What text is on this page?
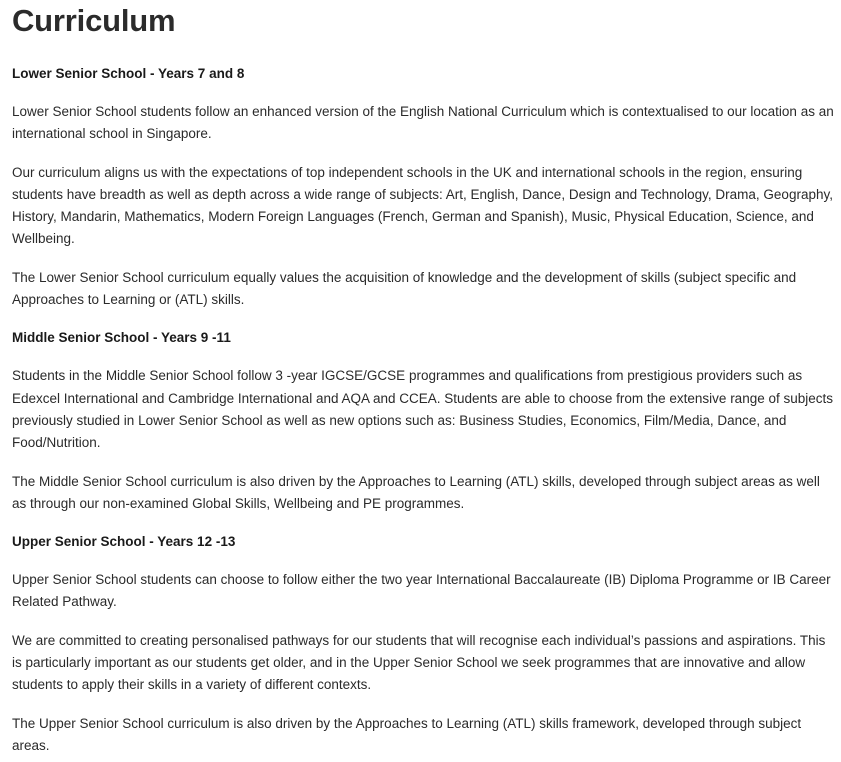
Curriculum
Lower Senior School - Years 7 and 8

Lower Senior School students follow an enhanced version of the English National Curriculum which is contextualised to our location as an international school in Singapore.

Our curriculum aligns us with the expectations of top independent schools in the UK and international schools in the region, ensuring students have breadth as well as depth across a wide range of subjects: Art, English, Dance, Design and Technology, Drama, Geography, History, Mandarin, Mathematics, Modern Foreign Languages (French, German and Spanish), Music, Physical Education, Science, and Wellbeing.

The Lower Senior School curriculum equally values the acquisition of knowledge and the development of skills (subject specific and Approaches to Learning or (ATL) skills.

Middle Senior School - Years 9 -11

Students in the Middle Senior School follow 3 -year IGCSE/GCSE programmes and qualifications from prestigious providers such as Edexcel International and Cambridge International and AQA and CCEA. Students are able to choose from the extensive range of subjects previously studied in Lower Senior School as well as new options such as: Business Studies, Economics, Film/Media, Dance, and Food/Nutrition.

The Middle Senior School curriculum is also driven by the Approaches to Learning (ATL) skills, developed through subject areas as well as through our non-examined Global Skills, Wellbeing and PE programmes.

Upper Senior School - Years 12 -13

Upper Senior School students can choose to follow either the two year International Baccalaureate (IB) Diploma Programme or IB Career Related Pathway.

We are committed to creating personalised pathways for our students that will recognise each individual’s passions and aspirations. This is particularly important as our students get older, and in the Upper Senior School we seek programmes that are innovative and allow students to apply their skills in a variety of different contexts.

The Upper Senior School curriculum is also driven by the Approaches to Learning (ATL) skills framework, developed through subject areas.
